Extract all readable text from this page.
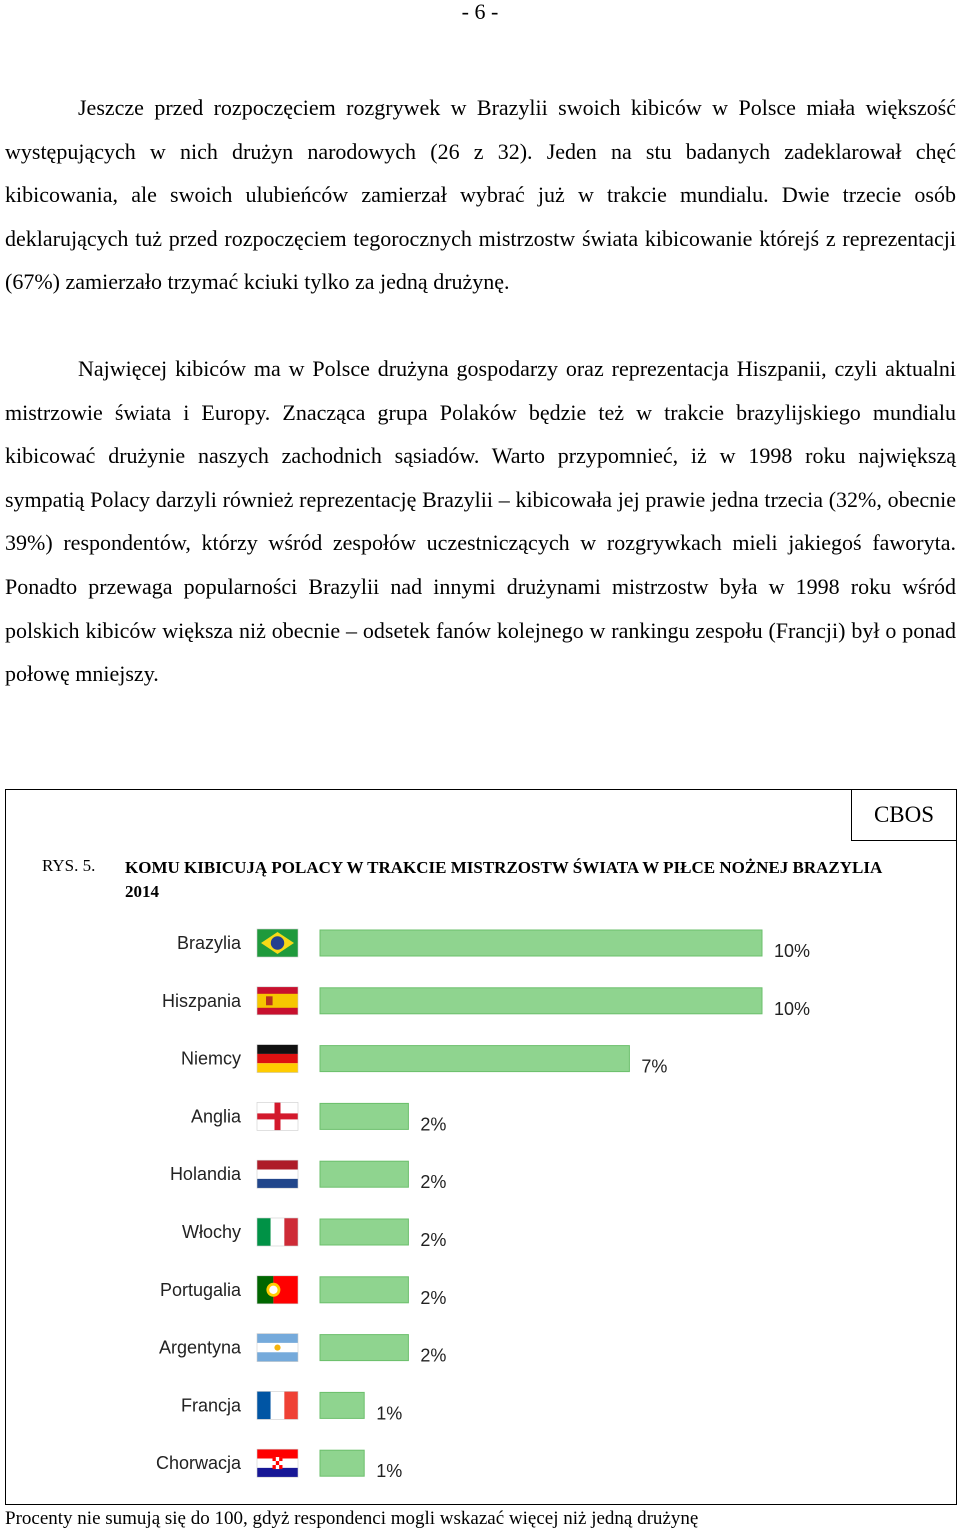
- 6 -

Jeszcze przed rozpoczęciem rozgrywek w Brazylii swoich kibiców w Polsce miała większość występujących w nich drużyn narodowych (26 z 32). Jeden na stu badanych zadeklarował chęć kibicowania, ale swoich ulubieńców zamierzał wybrać już w trakcie mundialu. Dwie trzecie osób deklarujących tuż przed rozpoczęciem tegorocznych mistrzostw świata kibicowanie którejś z reprezentacji (67%) zamierzało trzymać kciuki tylko za jedną drużynę.

Najwięcej kibiców ma w Polsce drużyna gospodarzy oraz reprezentacja Hiszpanii, czyli aktualni mistrzowie świata i Europy. Znacząca grupa Polaków będzie też w trakcie brazylijskiego mundialu kibicować drużynie naszych zachodnich sąsiadów. Warto przypomnieć, iż w 1998 roku największą sympatią Polacy darzyli również reprezentację Brazylii – kibicowała jej prawie jedna trzecia (32%, obecnie 39%) respondentów, którzy wśród zespołów uczestniczących w rozgrywkach mieli jakiegoś faworyta. Ponadto przewaga popularności Brazylii nad innymi drużynami mistrzostw była w 1998 roku wśród polskich kibiców większa niż obecnie – odsetek fanów kolejnego w rankingu zespołu (Francji) był o ponad połowę mniejszy.

CBOS
RYS. 5. KOMU KIBICUJĄ POLACY W TRAKCIE MISTRZOSTW ŚWIATA W PIŁCE NOŻNEJ BRAZYLIA 2014
Brazylia	10%
Hiszpania	10%
Niemcy	7%
Anglia	2%
Holandia	2%
Włochy	2%
Portugalia	2%
Argentyna	2%
Francja	1%
Chorwacja	1%
Procenty nie sumują się do 100, gdyż respondenci mogli wskazać więcej niż jedną drużynę
